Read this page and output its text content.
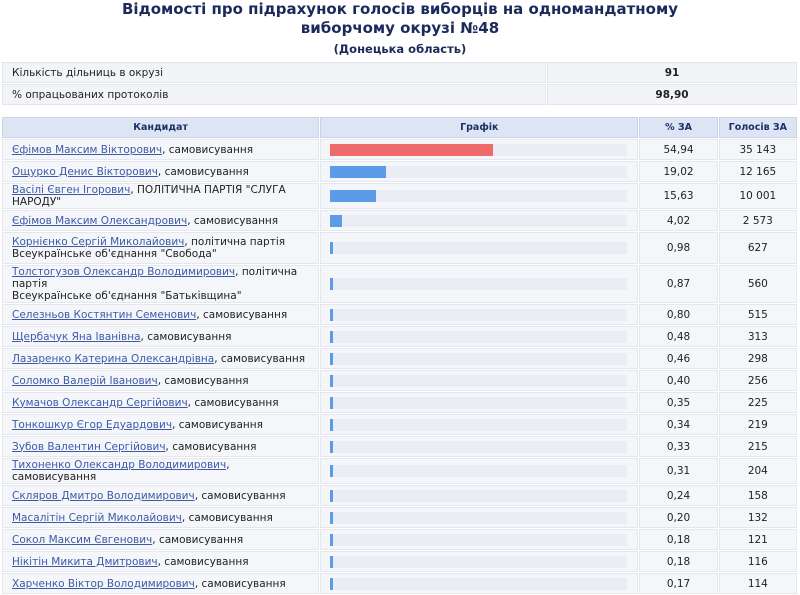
Відомості про підрахунок голосів виборців на одномандатному
виборчому окрузі №48
(Донецька область)
Кількість дільниць в окрузі	91
% опрацьованих протоколів	98,90
Кандидат	Графік	% ЗА	Голосів ЗА
Єфімов Максим Вікторович, самовисування		54,94	35 143
Ощурко Денис Вікторович, самовисування		19,02	12 165
Васілі Євген Ігорович, ПОЛІТИЧНА ПАРТІЯ "СЛУГА НАРОДУ"		15,63	10 001
Єфімов Максим Олександрович, самовисування		4,02	2 573
Корнієнко Сергій Миколайович, політична партія
Всеукраїнське об'єднання "Свобода"		0,98	627
Толстогузов Олександр Володимирович, політична партія
Всеукраїнське об'єднання "Батьківщина"		0,87	560
Селезньов Костянтин Семенович, самовисування		0,80	515
Щербачук Яна Іванівна, самовисування		0,48	313
Лазаренко Катерина Олександрівна, самовисування		0,46	298
Соломко Валерій Іванович, самовисування		0,40	256
Кумачов Олександр Сергійович, самовисування		0,35	225
Тонкошкур Єгор Едуардович, самовисування		0,34	219
Зубов Валентин Сергійович, самовисування		0,33	215
Тихоненко Олександр Володимирович, самовисування		0,31	204
Скляров Дмитро Володимирович, самовисування		0,24	158
Масалітін Сергій Миколайович, самовисування		0,20	132
Сокол Максим Євгенович, самовисування		0,18	121
Нікітін Микита Дмитрович, самовисування		0,18	116
Харченко Віктор Володимирович, самовисування		0,17	114
